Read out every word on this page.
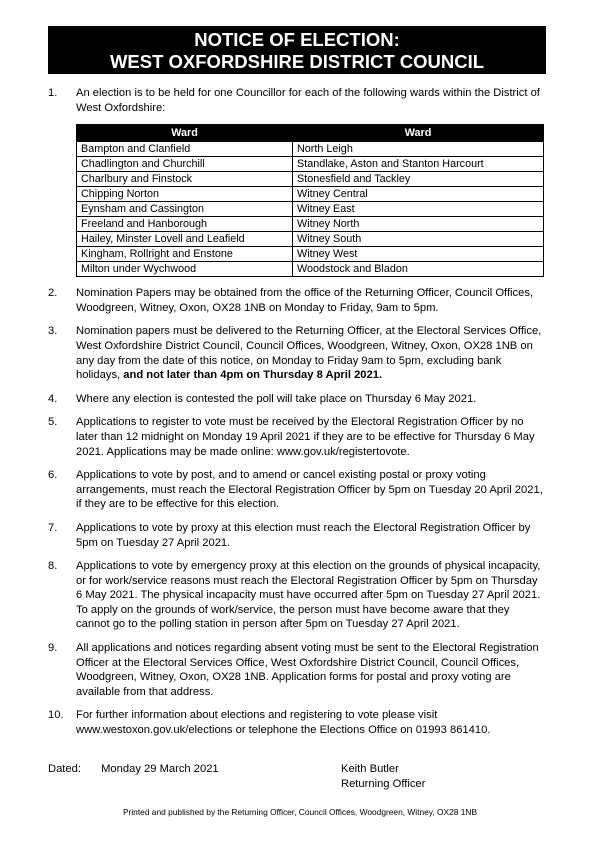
NOTICE OF ELECTION:
WEST OXFORDSHIRE DISTRICT COUNCIL
1. An election is to be held for one Councillor for each of the following wards within the District of West Oxfordshire:
Ward	Ward
Bampton and Clanfield	North Leigh
Chadlington and Churchill	Standlake, Aston and Stanton Harcourt
Charlbury and Finstock	Stonesfield and Tackley
Chipping Norton	Witney Central
Eynsham and Cassington	Witney East
Freeland and Hanborough	Witney North
Hailey, Minster Lovell and Leafield	Witney South
Kingham, Rollright and Enstone	Witney West
Milton under Wychwood	Woodstock and Bladon
2. Nomination Papers may be obtained from the office of the Returning Officer, Council Offices, Woodgreen, Witney, Oxon, OX28 1NB on Monday to Friday, 9am to 5pm.
3. Nomination papers must be delivered to the Returning Officer, at the Electoral Services Office, West Oxfordshire District Council, Council Offices, Woodgreen, Witney, Oxon, OX28 1NB on any day from the date of this notice, on Monday to Friday 9am to 5pm, excluding bank holidays, and not later than 4pm on Thursday 8 April 2021.
4. Where any election is contested the poll will take place on Thursday 6 May 2021.
5. Applications to register to vote must be received by the Electoral Registration Officer by no later than 12 midnight on Monday 19 April 2021 if they are to be effective for Thursday 6 May 2021. Applications may be made online: www.gov.uk/registertovote.
6. Applications to vote by post, and to amend or cancel existing postal or proxy voting arrangements, must reach the Electoral Registration Officer by 5pm on Tuesday 20 April 2021, if they are to be effective for this election.
7. Applications to vote by proxy at this election must reach the Electoral Registration Officer by 5pm on Tuesday 27 April 2021.
8. Applications to vote by emergency proxy at this election on the grounds of physical incapacity, or for work/service reasons must reach the Electoral Registration Officer by 5pm on Thursday 6 May 2021. The physical incapacity must have occurred after 5pm on Tuesday 27 April 2021. To apply on the grounds of work/service, the person must have become aware that they cannot go to the polling station in person after 5pm on Tuesday 27 April 2021.
9. All applications and notices regarding absent voting must be sent to the Electoral Registration Officer at the Electoral Services Office, West Oxfordshire District Council, Council Offices, Woodgreen, Witney, Oxon, OX28 1NB. Application forms for postal and proxy voting are available from that address.
10. For further information about elections and registering to vote please visit www.westoxon.gov.uk/elections or telephone the Elections Office on 01993 861410.
Dated: Monday 29 March 2021	Keith Butler
Returning Officer
Printed and published by the Returning Officer, Council Offices, Woodgreen, Witney, OX28 1NB
